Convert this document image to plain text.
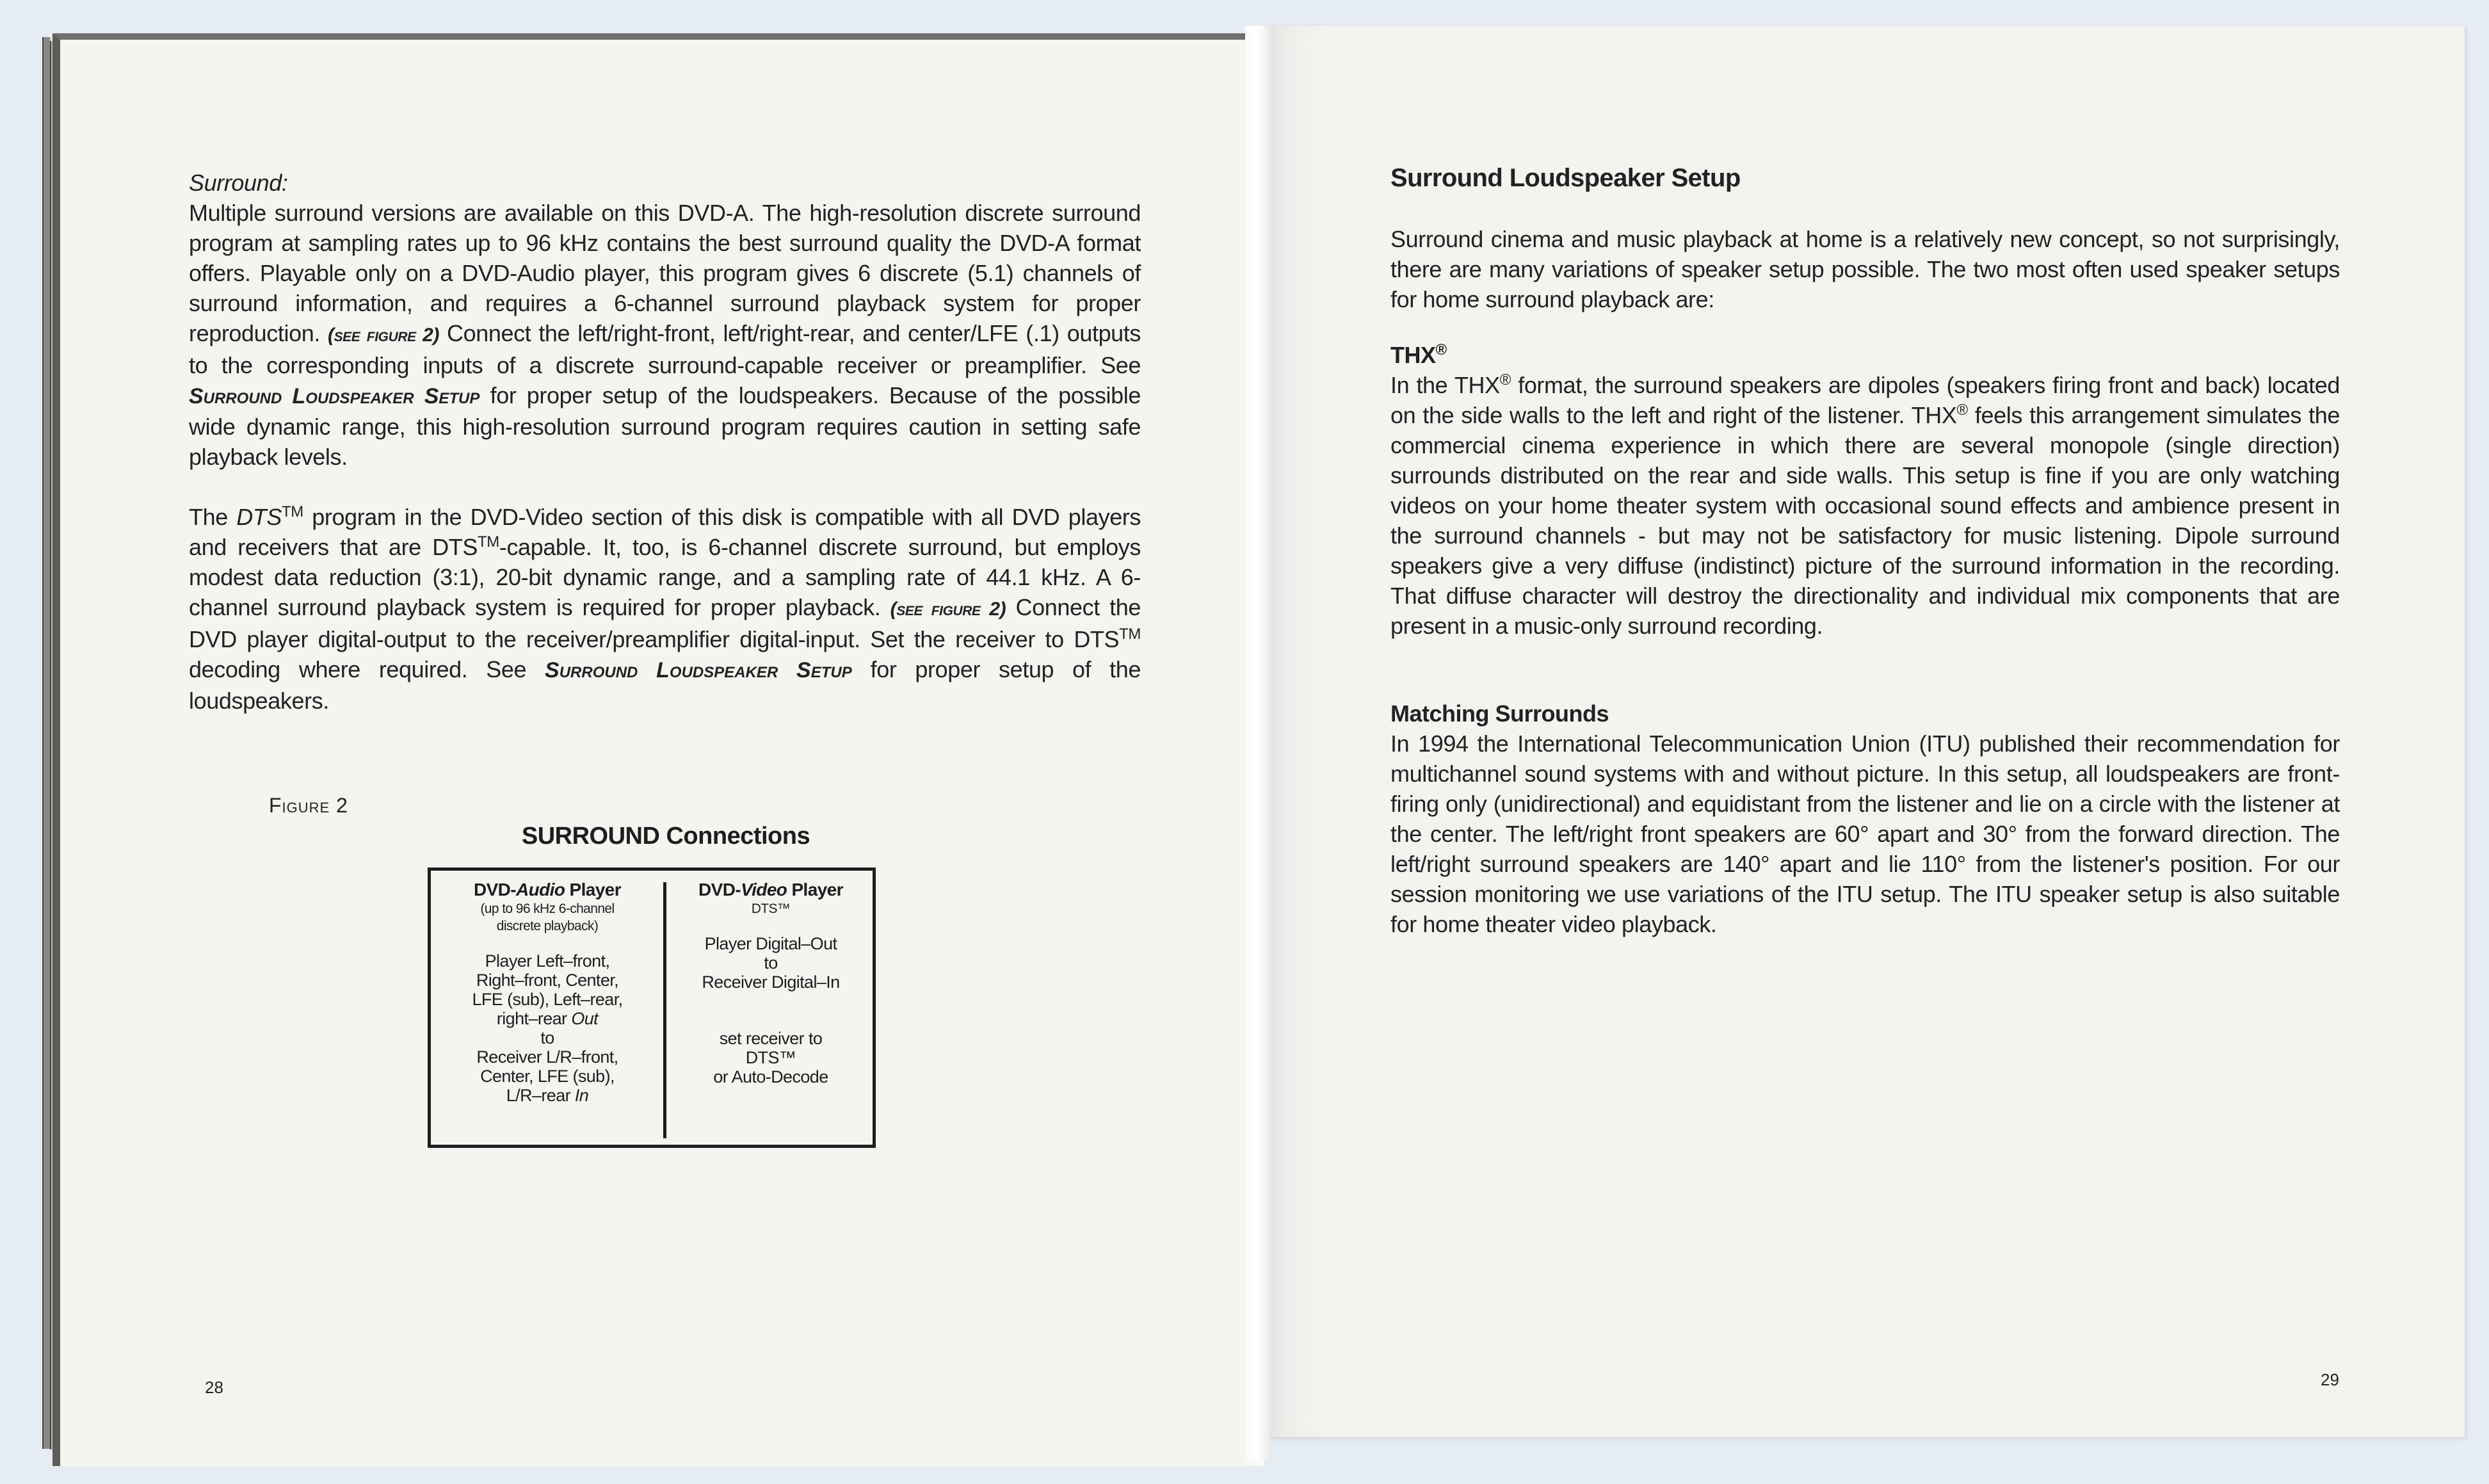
Surround:

Multiple surround versions are available on this DVD-A. The high-resolution discrete surround program at sampling rates up to 96 kHz contains the best surround quality the DVD-A format offers. Playable only on a DVD-Audio player, this program gives 6 discrete (5.1) channels of surround information, and requires a 6-channel surround playback system for proper reproduction. (see figure 2) Connect the left/right-front, left/right-rear, and center/LFE (.1) outputs to the corresponding inputs of a discrete surround-capable receiver or preamplifier. See Surround Loudspeaker Setup for proper setup of the loudspeakers. Because of the possible wide dynamic range, this high-resolution surround program requires caution in setting safe playback levels.

The DTS™ program in the DVD-Video section of this disk is compatible with all DVD players and receivers that are DTS™-capable. It, too, is 6-channel discrete surround, but employs modest data reduction (3:1), 20-bit dynamic range, and a sampling rate of 44.1 kHz. A 6-channel surround playback system is required for proper playback. (see figure 2) Connect the DVD player digital-output to the receiver/preamplifier digital-input. Set the receiver to DTS™ decoding where required. See Surround Loudspeaker Setup for proper setup of the loudspeakers.

Figure 2
SURROUND Connections
DVD-Audio Player
(up to 96 kHz 6-channel
discrete playback)
Player Left–front,
Right–front, Center,
LFE (sub), Left–rear,
right–rear Out
to
Receiver L/R–front,
Center, LFE (sub),
L/R–rear In
DVD-Video Player
DTS™
Player Digital–Out
to
Receiver Digital–In
set receiver to
DTS™
or Auto-Decode
28
Surround Loudspeaker Setup

Surround cinema and music playback at home is a relatively new concept, so not surprisingly, there are many variations of speaker setup possible. The two most often used speaker setups for home surround playback are:

THX®

In the THX® format, the surround speakers are dipoles (speakers firing front and back) located on the side walls to the left and right of the listener. THX® feels this arrangement simulates the commercial cinema experience in which there are several monopole (single direction) surrounds distributed on the rear and side walls. This setup is fine if you are only watching videos on your home theater system with occasional sound effects and ambience present in the surround channels - but may not be satisfactory for music listening. Dipole surround speakers give a very diffuse (indistinct) picture of the surround information in the recording. That diffuse character will destroy the directionality and individual mix components that are present in a music-only surround recording.

Matching Surrounds

In 1994 the International Telecommunication Union (ITU) published their recommendation for multichannel sound systems with and without picture. In this setup, all loudspeakers are front-firing only (unidirectional) and equidistant from the listener and lie on a circle with the listener at the center. The left/right front speakers are 60° apart and 30° from the forward direction. The left/right surround speakers are 140° apart and lie 110° from the listener's position. For our session monitoring we use variations of the ITU setup. The ITU speaker setup is also suitable for home theater video playback.

29
